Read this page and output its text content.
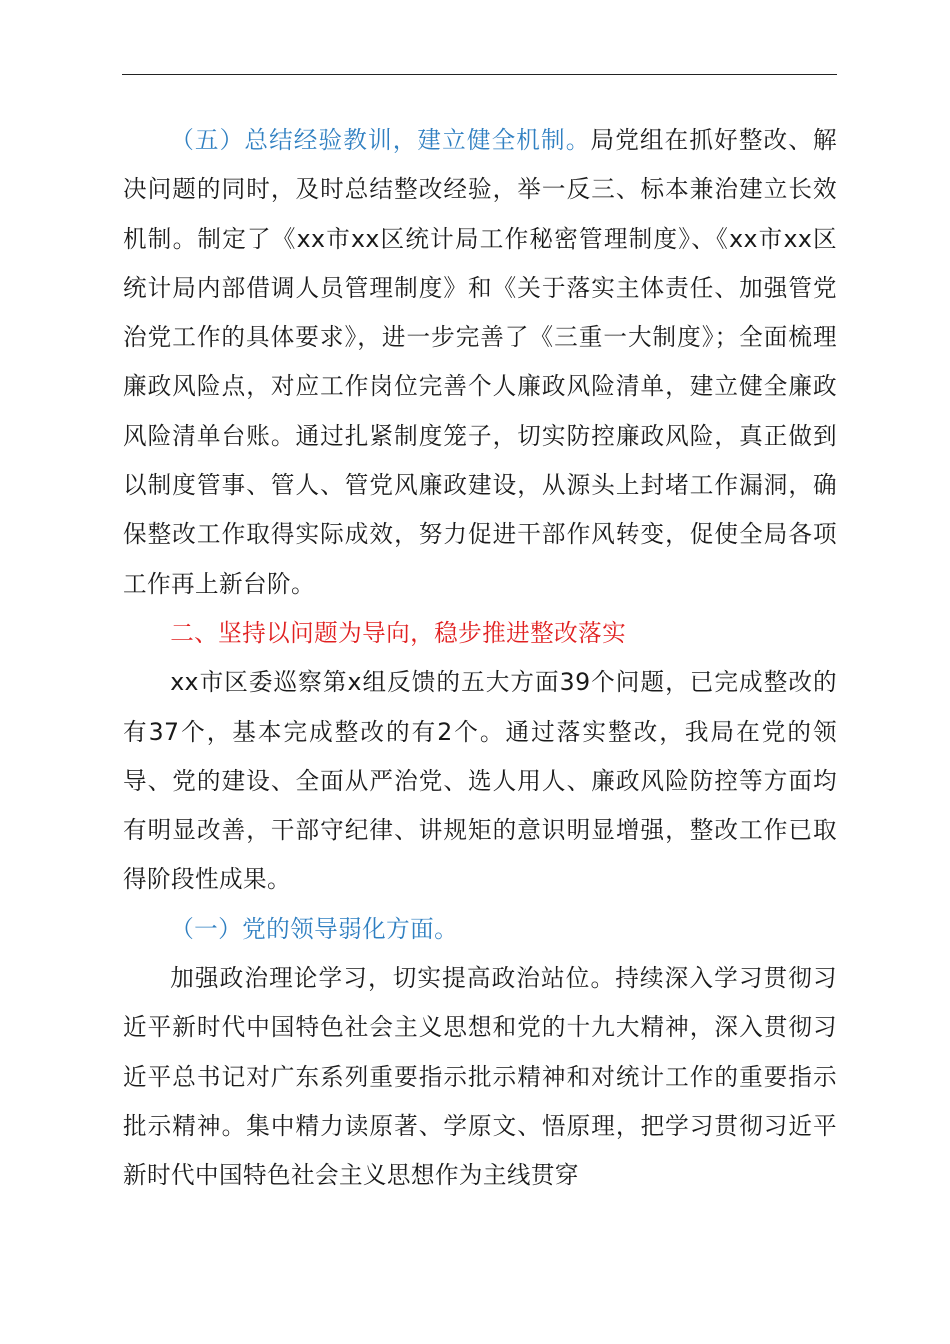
（五）总结经验教训，建立健全机制。局党组在抓好整改、解决问题的同时，及时总结整改经验，举一反三、标本兼治建立长效机制。制定了《xx市xx区统计局工作秘密管理制度》、《xx市xx区统计局内部借调人员管理制度》和《关于落实主体责任、加强管党治党工作的具体要求》，进一步完善了《三重一大制度》；全面梳理廉政风险点，对应工作岗位完善个人廉政风险清单，建立健全廉政风险清单台账。通过扎紧制度笼子，切实防控廉政风险，真正做到以制度管事、管人、管党风廉政建设，从源头上封堵工作漏洞，确保整改工作取得实际成效，努力促进干部作风转变，促使全局各项工作再上新台阶。

二、坚持以问题为导向，稳步推进整改落实

xx市区委巡察第x组反馈的五大方面39个问题，已完成整改的有37个，基本完成整改的有2个。通过落实整改，我局在党的领导、党的建设、全面从严治党、选人用人、廉政风险防控等方面均有明显改善，干部守纪律、讲规矩的意识明显增强，整改工作已取得阶段性成果。

（一）党的领导弱化方面。

加强政治理论学习，切实提高政治站位。持续深入学习贯彻习近平新时代中国特色社会主义思想和党的十九大精神，深入贯彻习近平总书记对广东系列重要指示批示精神和对统计工作的重要指示批示精神。集中精力读原著、学原文、悟原理，把学习贯彻习近平新时代中国特色社会主义思想作为主线贯穿
